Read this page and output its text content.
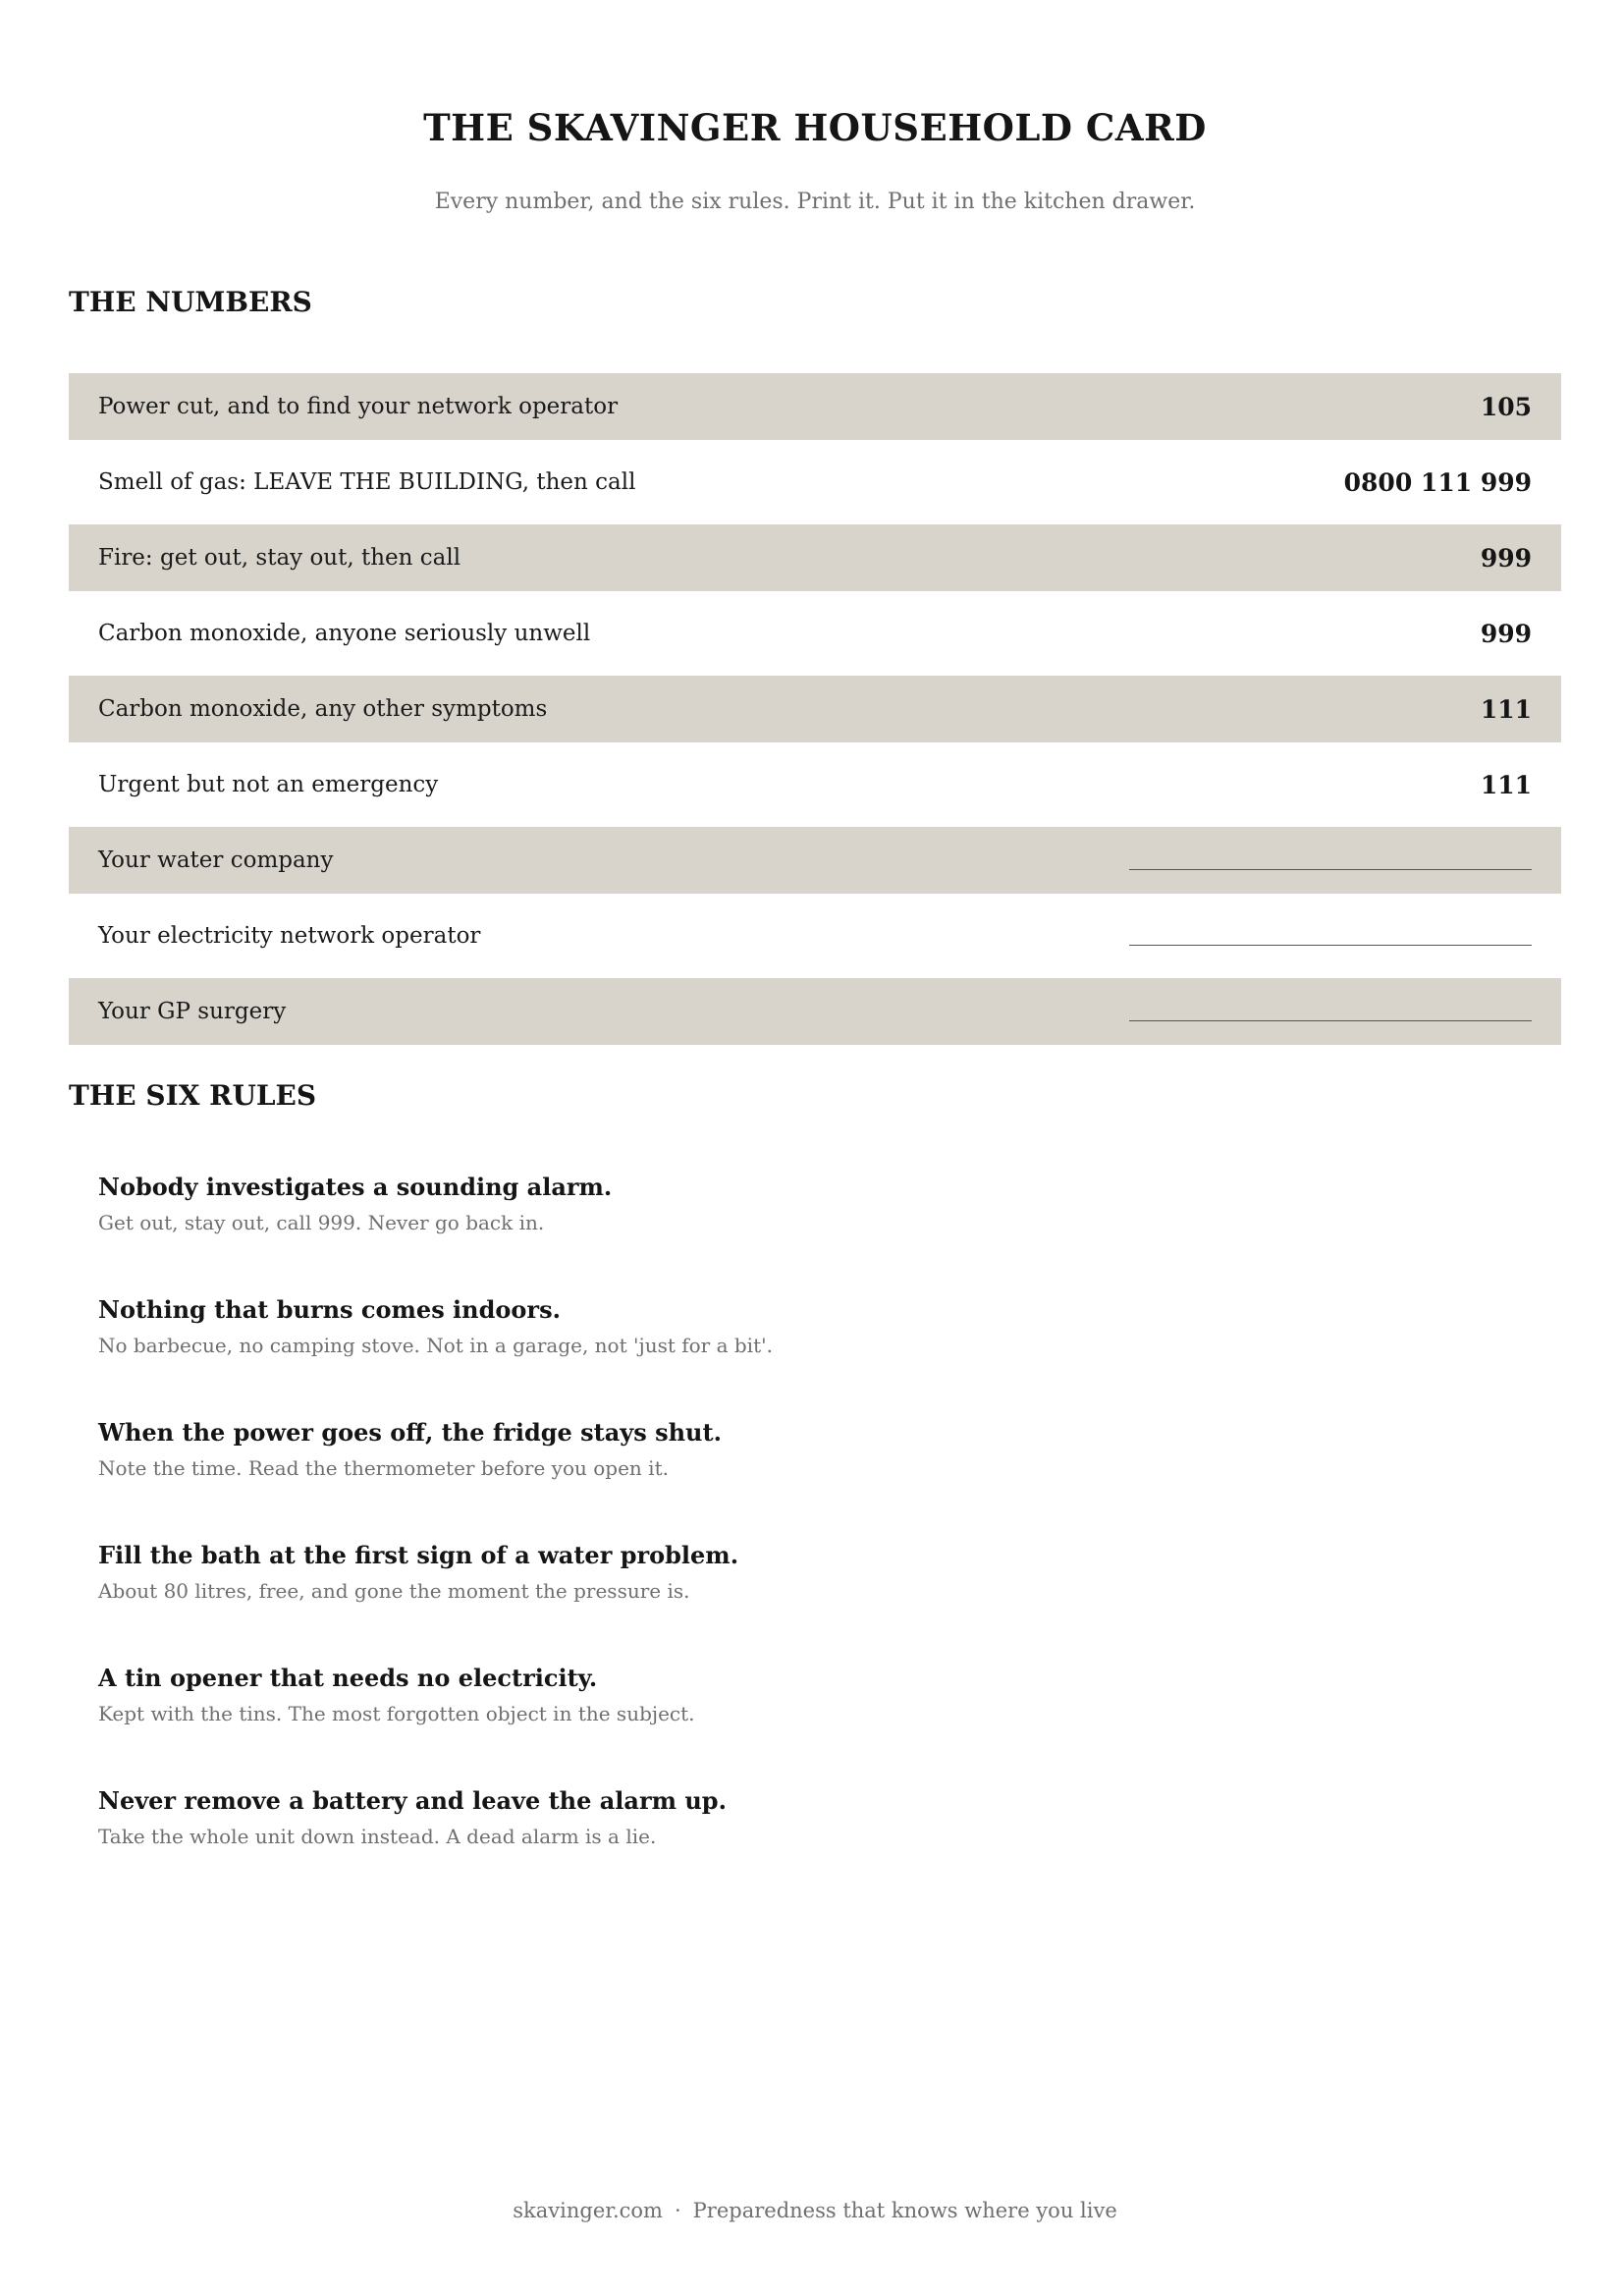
THE SKAVINGER HOUSEHOLD CARD

Every number, and the six rules. Print it. Put it in the kitchen drawer.

THE NUMBERS
Power cut, and to find your network operator	105
Smell of gas: LEAVE THE BUILDING, then call	0800 111 999
Fire: get out, stay out, then call	999
Carbon monoxide, anyone seriously unwell	999
Carbon monoxide, any other symptoms	111
Urgent but not an emergency	111
Your water company
Your electricity network operator
Your GP surgery
THE SIX RULES

Nobody investigates a sounding alarm.

Get out, stay out, call 999. Never go back in.

Nothing that burns comes indoors.

No barbecue, no camping stove. Not in a garage, not 'just for a bit'.

When the power goes off, the fridge stays shut.

Note the time. Read the thermometer before you open it.

Fill the bath at the first sign of a water problem.

About 80 litres, free, and gone the moment the pressure is.

A tin opener that needs no electricity.

Kept with the tins. The most forgotten object in the subject.

Never remove a battery and leave the alarm up.

Take the whole unit down instead. A dead alarm is a lie.

skavinger.com · Preparedness that knows where you live
